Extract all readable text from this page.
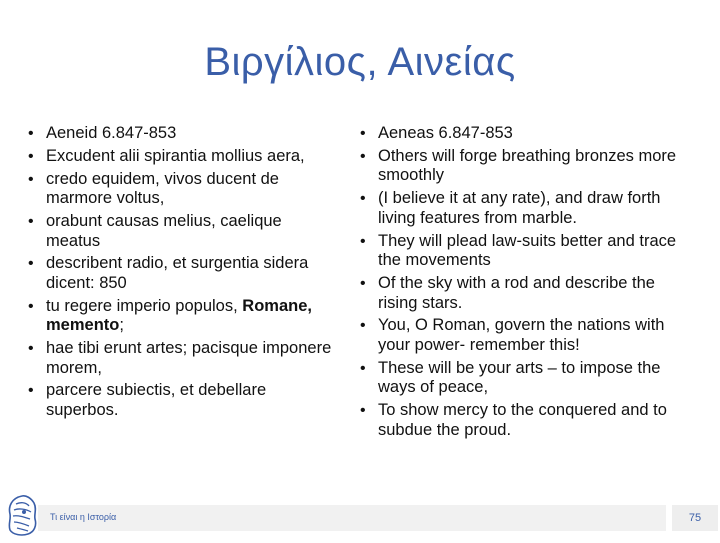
Βιργίλιος, Αινείας
• Aeneid 6.847-853
• Excudent alii spirantia mollius aera,
• credo equidem, vivos ducent de marmore voltus,
• orabunt causas melius, caelique meatus
• describent radio, et surgentia sidera dicent: 850
• tu regere imperio populos, Romane, memento;
• hae tibi erunt artes; pacisque imponere morem,
• parcere subiectis, et debellare superbos.
• Aeneas 6.847-853
• Others will forge breathing bronzes more smoothly
• (I believe it at any rate), and draw forth living features from marble.
• They will plead law-suits better and trace the movements
• Of the sky with a rod and describe the rising stars.
• You, O Roman, govern the nations with your power- remember this!
• These will be your arts – to impose the ways of peace,
• To show mercy to the conquered and to subdue the proud.
Τι είναι η Ιστορία	75
